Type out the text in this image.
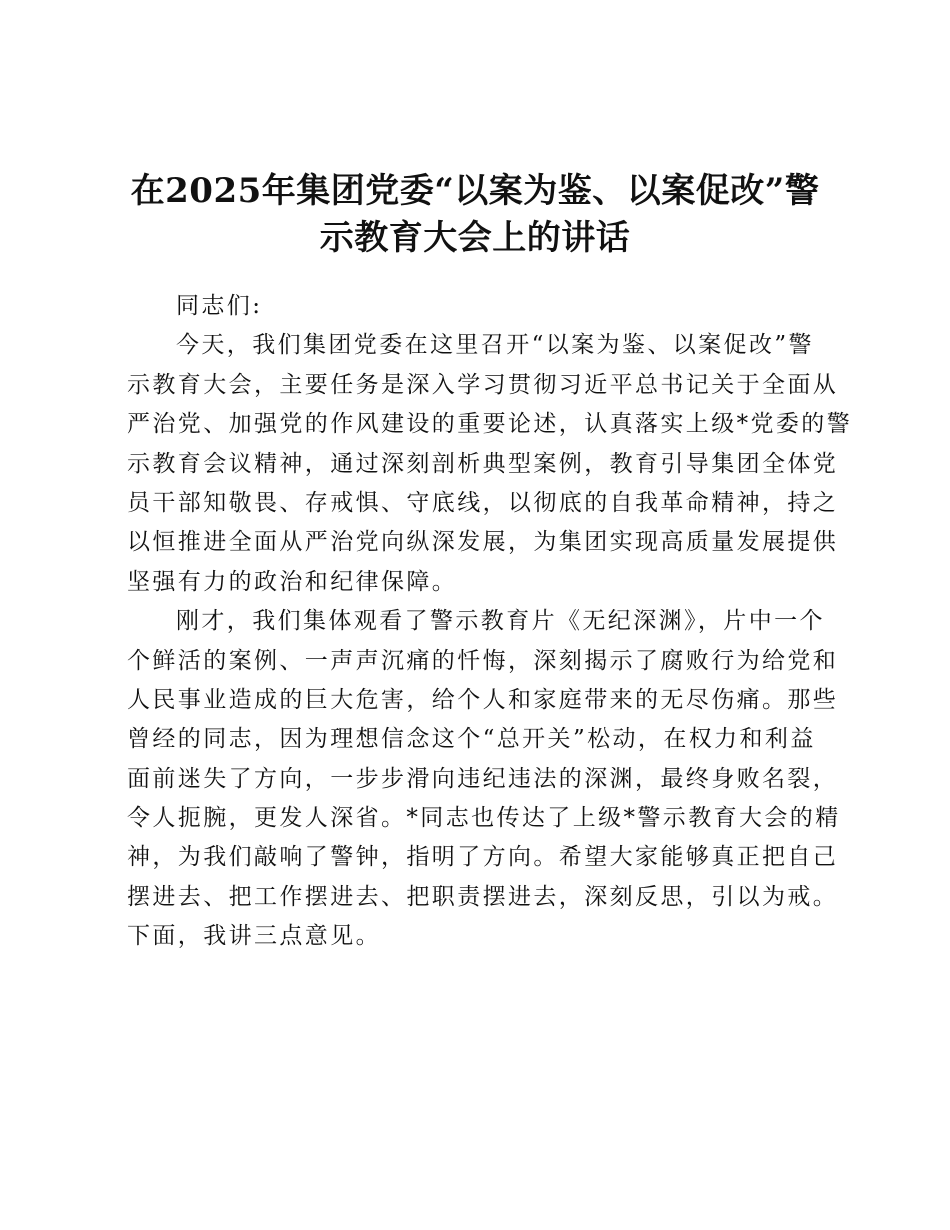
在2025年集团党委“以案为鉴、以案促改”警
示教育大会上的讲话
同志们:
今天，我们集团党委在这里召开“以案为鉴、以案促改”警
示教育大会，主要任务是深入学习贯彻习近平总书记关于全面从
严治党、加强党的作风建设的重要论述，认真落实上级*党委的警
示教育会议精神，通过深刻剖析典型案例，教育引导集团全体党
员干部知敬畏、存戒惧、守底线，以彻底的自我革命精神，持之
以恒推进全面从严治党向纵深发展，为集团实现高质量发展提供
坚强有力的政治和纪律保障。
刚才，我们集体观看了警示教育片《无纪深渊》，片中一个
个鲜活的案例、一声声沉痛的忏悔，深刻揭示了腐败行为给党和
人民事业造成的巨大危害，给个人和家庭带来的无尽伤痛。那些
曾经的同志，因为理想信念这个“总开关”松动，在权力和利益
面前迷失了方向，一步步滑向违纪违法的深渊，最终身败名裂，
令人扼腕，更发人深省。*同志也传达了上级*警示教育大会的精
神，为我们敲响了警钟，指明了方向。希望大家能够真正把自己
摆进去、把工作摆进去、把职责摆进去，深刻反思，引以为戒。
下面，我讲三点意见。
